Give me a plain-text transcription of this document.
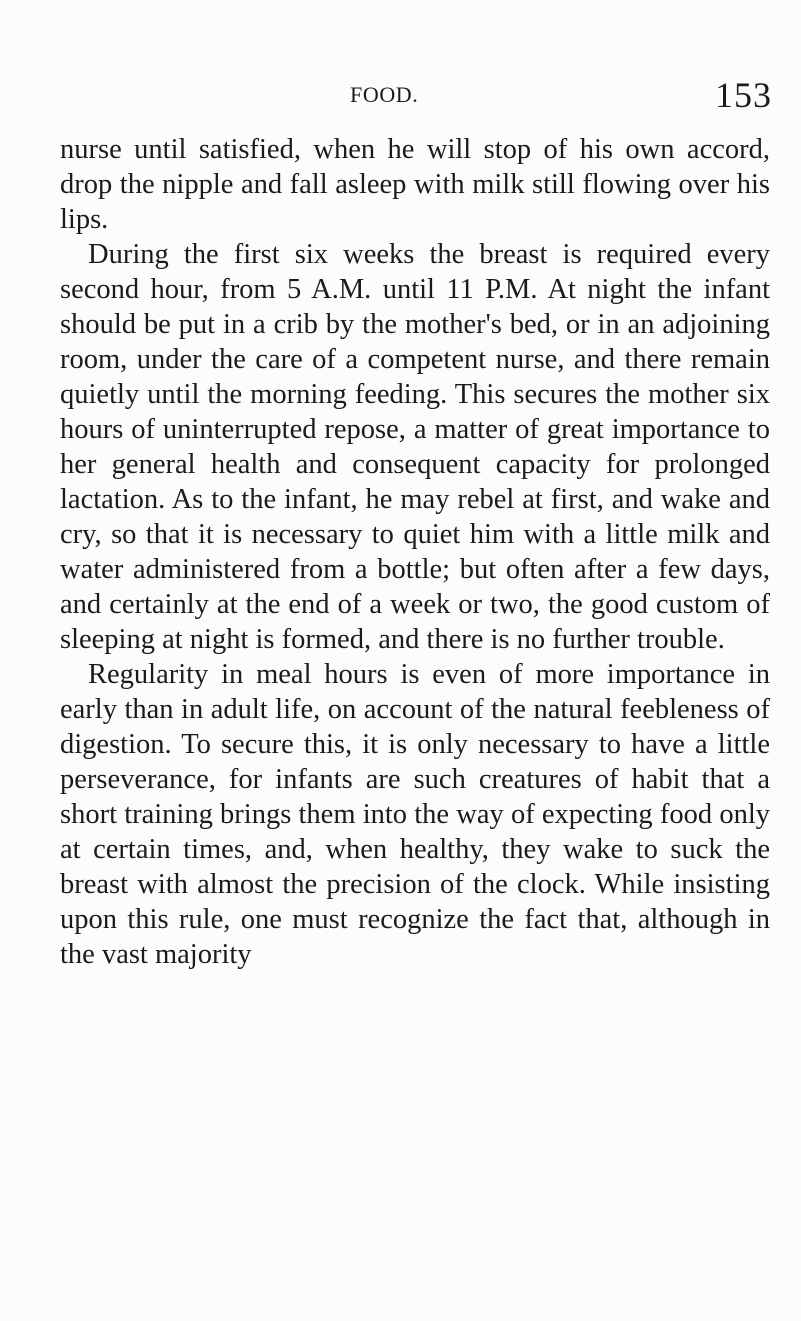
FOOD.	153

nurse until satisfied, when he will stop of his own accord, drop the nipple and fall asleep with milk still flowing over his lips.

During the first six weeks the breast is required every second hour, from 5 A.M. until 11 P.M. At night the infant should be put in a crib by the mother's bed, or in an adjoining room, under the care of a competent nurse, and there remain quietly until the morning feeding. This secures the mother six hours of uninterrupted repose, a matter of great importance to her general health and consequent capacity for prolonged lactation. As to the infant, he may rebel at first, and wake and cry, so that it is necessary to quiet him with a little milk and water administered from a bottle; but often after a few days, and certainly at the end of a week or two, the good custom of sleeping at night is formed, and there is no further trouble.

Regularity in meal hours is even of more importance in early than in adult life, on account of the natural feebleness of digestion. To secure this, it is only necessary to have a little perseverance, for infants are such creatures of habit that a short training brings them into the way of expecting food only at certain times, and, when healthy, they wake to suck the breast with almost the precision of the clock. While insisting upon this rule, one must recognize the fact that, although in the vast majority
